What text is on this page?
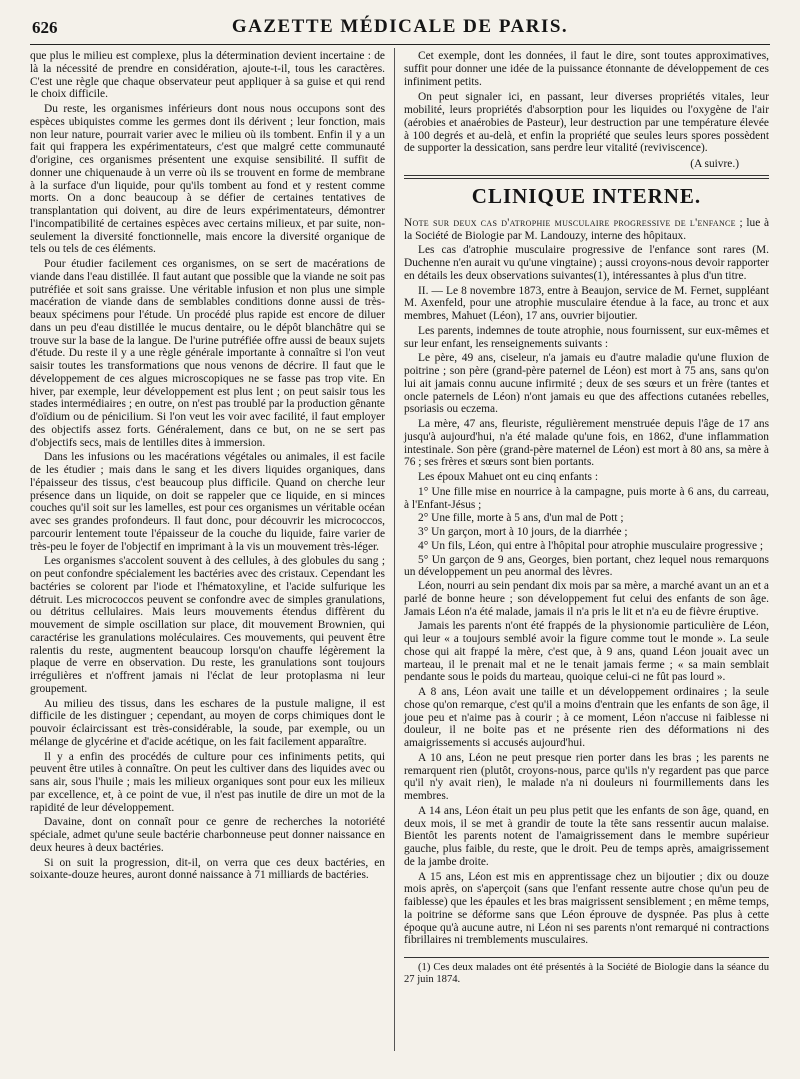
626	GAZETTE MÉDICALE DE PARIS.

que plus le milieu est complexe, plus la détermination devient incertaine : de là la nécessité de prendre en considération, ajoute-t-il, tous les caractères. C'est une règle que chaque observateur peut appliquer à sa guise et qui rend le choix difficile.

Du reste, les organismes inférieurs dont nous nous occupons sont des espèces ubiquistes comme les germes dont ils dérivent ; leur fonction, mais non leur nature, pourrait varier avec le milieu où ils tombent. Enfin il y a un fait qui frappera les expérimentateurs, c'est que malgré cette communauté d'origine, ces organismes présentent une exquise sensibilité. Il suffit de donner une chiquenaude à un verre où ils se trouvent en forme de membrane à la surface d'un liquide, pour qu'ils tombent au fond et y restent comme morts. On a donc beaucoup à se défier de certaines tentatives de transplantation qui doivent, au dire de leurs expérimentateurs, démontrer l'incompatibilité de certaines espèces avec certains milieux, et par suite, non-seulement la diversité fonctionnelle, mais encore la diversité organique de tels ou tels de ces éléments.

Pour étudier facilement ces organismes, on se sert de macérations de viande dans l'eau distillée. Il faut autant que possible que la viande ne soit pas putréfiée et soit sans graisse. Une véritable infusion et non plus une simple macération de viande dans de semblables conditions donne aussi de très-beaux spécimens pour l'étude. Un procédé plus rapide est encore de diluer dans un peu d'eau distillée le mucus dentaire, ou le dépôt blanchâtre qui se trouve sur la base de la langue. De l'urine putréfiée offre aussi de beaux sujets d'étude. Du reste il y a une règle générale importante à connaître si l'on veut saisir toutes les transformations que nous venons de décrire. Il faut que le développement de ces algues microscopiques ne se fasse pas trop vite. En hiver, par exemple, leur développement est plus lent ; on peut saisir tous les stades intermédiaires ; en outre, on n'est pas troublé par la production gênante d'oïdium ou de pénicilium. Si l'on veut les voir avec facilité, il faut employer des objectifs assez forts. Généralement, dans ce but, on ne se sert pas d'objectifs secs, mais de lentilles dites à immersion.

Dans les infusions ou les macérations végétales ou animales, il est facile de les étudier ; mais dans le sang et les divers liquides organiques, dans l'épaisseur des tissus, c'est beaucoup plus difficile. Quand on cherche leur présence dans un liquide, on doit se rappeler que ce liquide, en si minces couches qu'il soit sur les lamelles, est pour ces organismes un véritable océan avec ses grandes profondeurs. Il faut donc, pour découvrir les micrococcos, parcourir lentement toute l'épaisseur de la couche du liquide, faire varier de très-peu le foyer de l'objectif en imprimant à la vis un mouvement très-léger.

Les organismes s'accolent souvent à des cellules, à des globules du sang ; on peut confondre spécialement les bactéries avec des cristaux. Cependant les bactéries se colorent par l'iode et l'hématoxyline, et l'acide sulfurique les détruit. Les micrococcos peuvent se confondre avec de simples granulations, ou détritus cellulaires. Mais leurs mouvements étendus diffèrent du mouvement de simple oscillation sur place, dit mouvement Brownien, qui caractérise les granulations moléculaires. Ces mouvements, qui peuvent être ralentis du reste, augmentent beaucoup lorsqu'on chauffe légèrement la plaque de verre en observation. Du reste, les granulations sont toujours irrégulières et n'offrent jamais ni l'éclat de leur protoplasma ni leur groupement.

Au milieu des tissus, dans les eschares de la pustule maligne, il est difficile de les distinguer ; cependant, au moyen de corps chimiques dont le pouvoir éclaircissant est très-considérable, la soude, par exemple, ou un mélange de glycérine et d'acide acétique, on les fait facilement apparaître.

Il y a enfin des procédés de culture pour ces infiniments petits, qui peuvent être utiles à connaître. On peut les cultiver dans des liquides avec ou sans air, sous l'huile ; mais les milieux organiques sont pour eux les milieux par excellence, et, à ce point de vue, il n'est pas inutile de dire un mot de la rapidité de leur développement.

Davaine, dont on connaît pour ce genre de recherches la notoriété spéciale, admet qu'une seule bactérie charbonneuse peut donner naissance en deux heures à deux bactéries.

Si on suit la progression, dit-il, on verra que ces deux bactéries, en soixante-douze heures, auront donné naissance à 71 milliards de bactéries.

Cet exemple, dont les données, il faut le dire, sont toutes approximatives, suffit pour donner une idée de la puissance étonnante de développement de ces infiniment petits.

On peut signaler ici, en passant, leur diverses propriétés vitales, leur mobilité, leurs propriétés d'absorption pour les liquides ou l'oxygène de l'air (aérobies et anaérobies de Pasteur), leur destruction par une température élevée à 100 degrés et au-delà, et enfin la propriété que seules leurs spores possèdent de supporter la dessication, sans perdre leur vitalité (reviviscence).

(A suivre.)
CLINIQUE INTERNE.

Note sur deux cas d'atrophie musculaire progressive de l'enfance ; lue à la Société de Biologie par M. Landouzy, interne des hôpitaux.

Les cas d'atrophie musculaire progressive de l'enfance sont rares (M. Duchenne n'en aurait vu qu'une vingtaine) ; aussi croyons-nous devoir rapporter en détails les deux observations suivantes(1), intéressantes à plus d'un titre.

II. — Le 8 novembre 1873, entre à Beaujon, service de M. Fernet, suppléant M. Axenfeld, pour une atrophie musculaire étendue à la face, au tronc et aux membres, Mahuet (Léon), 17 ans, ouvrier bijoutier.

Les parents, indemnes de toute atrophie, nous fournissent, sur eux-mêmes et sur leur enfant, les renseignements suivants :

Le père, 49 ans, ciseleur, n'a jamais eu d'autre maladie qu'une fluxion de poitrine ; son père (grand-père paternel de Léon) est mort à 75 ans, sans qu'on lui ait jamais connu aucune infirmité ; deux de ses sœurs et un frère (tantes et oncle paternels de Léon) n'ont jamais eu que des affections cutanées rebelles, psoriasis ou eczema.

La mère, 47 ans, fleuriste, régulièrement menstruée depuis l'âge de 17 ans jusqu'à aujourd'hui, n'a été malade qu'une fois, en 1862, d'une inflammation intestinale. Son père (grand-père maternel de Léon) est mort à 80 ans, sa mère à 76 ; ses frères et sœurs sont bien portants.

Les époux Mahuet ont eu cinq enfants :

1° Une fille mise en nourrice à la campagne, puis morte à 6 ans, du carreau, à l'Enfant-Jésus ;

2° Une fille, morte à 5 ans, d'un mal de Pott ;

3° Un garçon, mort à 10 jours, de la diarrhée ;

4° Un fils, Léon, qui entre à l'hôpital pour atrophie musculaire progressive ;

5° Un garçon de 9 ans, Georges, bien portant, chez lequel nous remarquons un développement un peu anormal des lèvres.

Léon, nourri au sein pendant dix mois par sa mère, a marché avant un an et a parlé de bonne heure ; son développement fut celui des enfants de son âge. Jamais Léon n'a été malade, jamais il n'a pris le lit et n'a eu de fièvre éruptive.

Jamais les parents n'ont été frappés de la physionomie particulière de Léon, qui leur « a toujours semblé avoir la figure comme tout le monde ». La seule chose qui ait frappé la mère, c'est que, à 9 ans, quand Léon jouait avec un marteau, il le prenait mal et ne le tenait jamais ferme ; « sa main semblait pendante sous le poids du marteau, quoique celui-ci ne fût pas lourd ».

A 8 ans, Léon avait une taille et un développement ordinaires ; la seule chose qu'on remarque, c'est qu'il a moins d'entrain que les enfants de son âge, il joue peu et n'aime pas à courir ; à ce moment, Léon n'accuse ni faiblesse ni douleur, il ne boite pas et ne présente rien des déformations ni des amaigrissements si accusés aujourd'hui.

A 10 ans, Léon ne peut presque rien porter dans les bras ; les parents ne remarquent rien (plutôt, croyons-nous, parce qu'ils n'y regardent pas que parce qu'il n'y avait rien), le malade n'a ni douleurs ni fourmillements dans les membres.

A 14 ans, Léon était un peu plus petit que les enfants de son âge, quand, en deux mois, il se met à grandir de toute la tête sans ressentir aucun malaise. Bientôt les parents notent de l'amaigrissement dans le membre supérieur gauche, plus faible, du reste, que le droit. Peu de temps après, amaigrissement de la jambe droite.

A 15 ans, Léon est mis en apprentissage chez un bijoutier ; dix ou douze mois après, on s'aperçoit (sans que l'enfant ressente autre chose qu'un peu de faiblesse) que les épaules et les bras maigrissent sensiblement ; en même temps, la poitrine se déforme sans que Léon éprouve de dyspnée. Pas plus à cette époque qu'à aucune autre, ni Léon ni ses parents n'ont remarqué ni contractions fibrillaires ni tremblements musculaires.

(1) Ces deux malades ont été présentés à la Société de Biologie dans la séance du 27 juin 1874.
